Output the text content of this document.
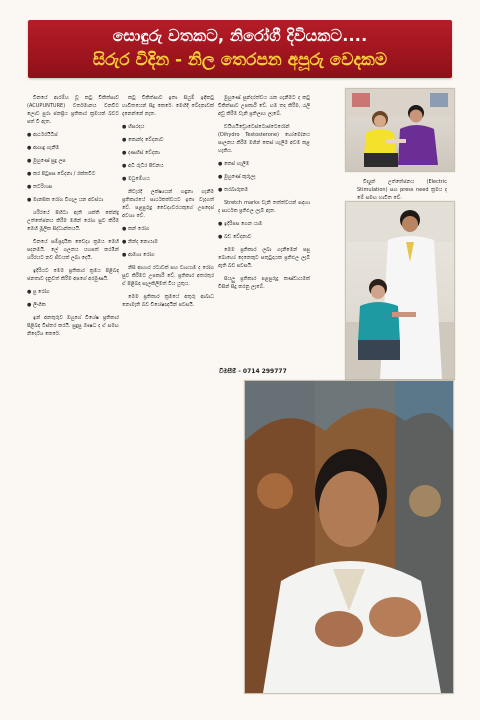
සොඳුරු වතකට, නිරෝගී දිවියකට....
සිරුර විදින - නිල තෙරපන අපූරු වෙදකම

චීනයේ ආරම්භ වූ කටු චිකිත්සාව (ACUPUNTURE) වර්තමානය වනවිට ලොව පුරා ජනප්‍රිය ප්‍රතිකාර ක්‍රමයක් බවට පත් වී ඇත.

● ආර්ථරයිටිස්

● ආශාදු ගැනීම

● මුහුණේ සුදු ලප

● කර පිටුපස වේදනා / රක්තවිට

● තටරිෆාස

● මානසික රෝග විගැල යන අවස්ථා

ශරීරයේ පිහිටා ඇති ශක්ති කේන්ද්‍ර උත්තේජනය කිරීම මගින් රෝග සුව කිරීම මෙහි මූලික සිද්ධාන්තයයි.

චීනයේ සම්ප්‍රදායික වෛද්‍ය ක්‍රමය මෙහි පදනමයි. ලේ ගලනය යහපත් කරමින් ශරීරයට නව ජීවයක් ලබා දෙයි.

ඉදිරියට මෙම ප්‍රතිකාර ක්‍රමය පිළිබඳ ජනතාව දැනුවත් කිරීම අපගේ අරමුණයි.

● පු රෝග

● ලිංගික

ඉන් අනතුරුව ඔහුගේ විශේෂ ප්‍රතිකාර පිළිබඳ විස්තර කරයි. සුදුසු ඖෂධ ද ඒ සමඟ නිර්දේශ කෙරේ.

කටු චිකිත්සාව ඉතා සියුම් ඉඳිකටු භාවිතයෙන් සිදු කෙරේ. මෙහිදී වේදනාවක් දැනෙන්නේ නැත.

● හිසරදය

● කොන්ද වේදනාව

● දණහිස් වේදනා

● අධි රුධිර පීඩනය

● මධුමේහය

නිවැරදි ලක්ෂ්‍යයන් හඳුනා ගැනීම ප්‍රතිකාරයේ සාර්ථකත්වයට ඉතා වැදගත් වේ. පළපුරුදු වෛද්‍යවරයකුගේ උපදෙස් අවශ්‍ය වේ.

● කන් රෝග

● නින්ද නොයාම

● ආමාශ රෝග

නිසි ආහාර රටාවක් සහ ව්‍යායාම ද රෝග සුව කිරීමට උපකාරී වේ. ප්‍රතිකාර අතරතුර ඒ පිළිබඳ සැලකිලිමත් විය යුතුය.

මෙම ප්‍රතිකාර ක්‍රමයේ අතුරු ආබාධ නොමැති බව විශේෂඥයින් පවසයි.

මුහුණේ සුන්දරත්වය රැක ගැනීමට ද කටු චිකිත්සාව උපකාරී වේ. හම තද කිරීම, රැලි අඩු කිරීම වැනි ප්‍රතිලාභ ලැබේ.

ඩයිහයිඩ්‍රොටෙස්ටොස්ටෙරෝන් (Dihydro Testosterone) හෝමෝනය පාලනය කිරීම මගින් කෙස් හැලීම අවම කළ හැකිය.

● කෙස් හැලීම

● මුහුණේ කුරුලෑ

● තරබාරුකම

Stretch marks වැනි තත්ත්වයන් සඳහා ද සාර්ථක ප්‍රතිඵල ලැබී ඇත.

● ඉදිරිපස ගෙන යාම

● බඩ වේදනාව

මෙම ප්‍රතිකාර ලබා ගැනීමෙන් පසු බොහෝ දෙනෙකුට සතුටුදායක ප්‍රතිඵල ලැබී ඇති බව පවසයි.

සියලු ප්‍රතිකාර පළපුරුදු කණ්ඩායමක් විසින් සිදු කරනු ලැබේ.

විමසීම් - 0714 299777

විද්‍යුත් උත්තේජනය (Electric Stimulation) සහ press need ක්‍රමය ද මේ සමඟ භාවිත වේ.
